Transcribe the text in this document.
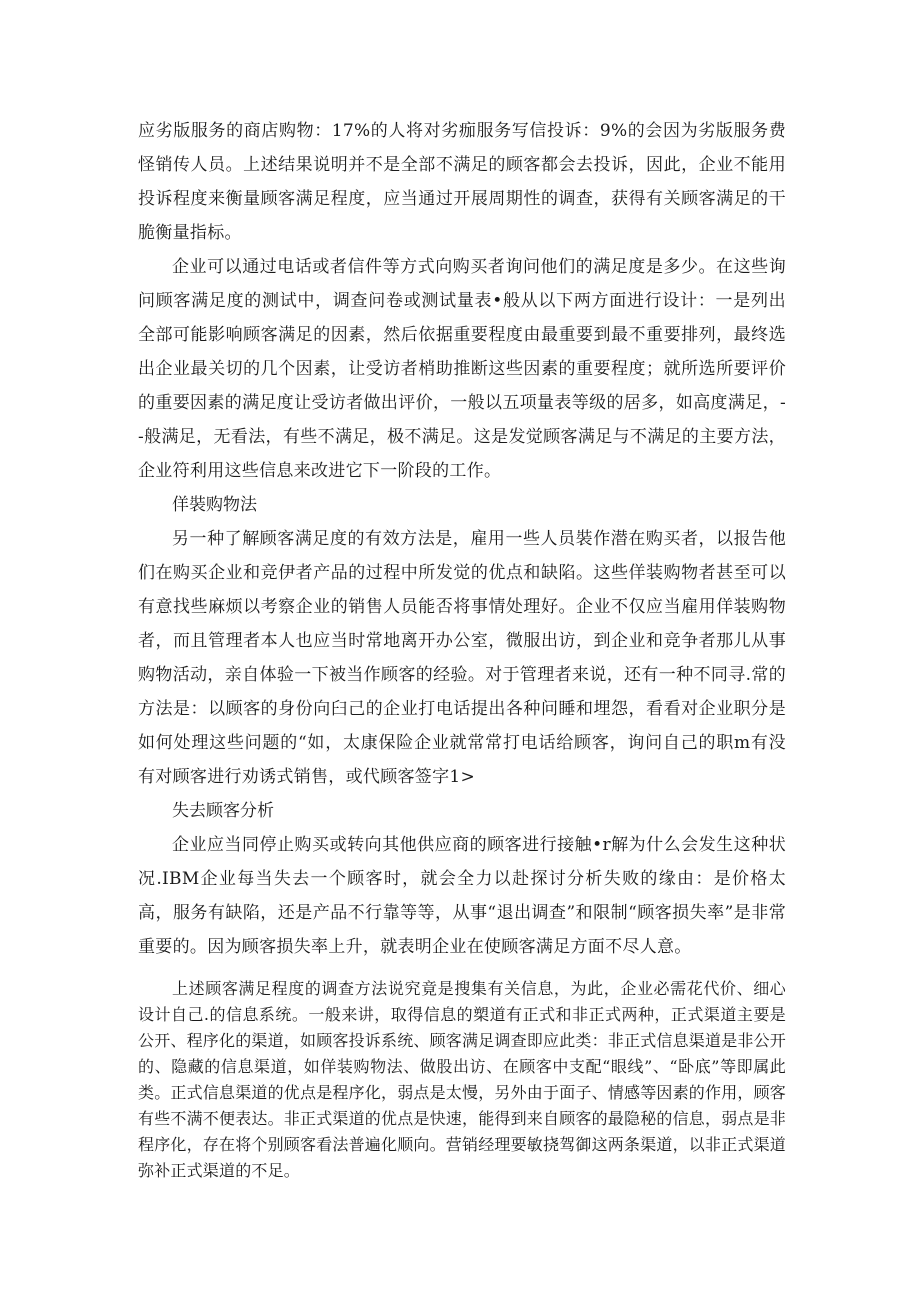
应劣版服务的商店购物：17%的人将对劣痂服务写信投诉：9%的会因为劣版服务费怪销传人员。上述结果说明并不是全部不满足的顾客都会去投诉，因此，企业不能用投诉程度来衡量顾客满足程度，应当通过开展周期性的调查，获得有关顾客满足的干脆衡量指标。

企业可以通过电话或者信件等方式向购买者询问他们的满足度是多少。在这些询问顾客满足度的测试中，调查问卷或测试量表•般从以下两方面进行设计：一是列出全部可能影响顾客满足的因素，然后依据重要程度由最重要到最不重要排列，最终选出企业最关切的几个因素，让受访者梢助推断这些因素的重要程度；就所选所要评价的重要因素的满足度让受访者做出评价，一般以五项量表等级的居多，如高度满足，--般满足，无看法，有些不满足，极不满足。这是发觉顾客满足与不满足的主要方法，企业符利用这些信息来改进它下一阶段的工作。

佯裝购物法

另一种了解顾客满足度的有效方法是，雇用一些人员裝作潜在购买者，以报告他们在购买企业和竞伊者产品的过程中所发觉的优点和缺陷。这些佯装购物者甚至可以有意找些麻烦以考察企业的销售人员能否将事情处理好。企业不仅应当雇用佯装购物者，而且管理者本人也应当时常地离开办公室，微服出访，到企业和竞争者那儿从事购物活动，亲自体验一下被当作顾客的经验。对于管理者来说，还有一种不同寻.常的方法是：以顾客的身份向臼己的企业打电话提出各种问睡和埋怨，看看对企业职分是如何处理这些问题的“如，太康保险企业就常常打电话给顾客，询问自己的职m有没有对顾客进行劝诱式销售，或代顾客签字1>

失去顾客分析

企业应当同停止购买或转向其他供应商的顾客进行接触•r解为什么会发生这种状况.IBM企业每当失去一个顾客时，就会全力以赴探讨分析失败的缘由：是价格太高，服务有缺陷，还是产品不行靠等等，从事“退出调查”和限制“顾客损失率”是非常重要的。因为顾客损失率上升，就表明企业在使顾客满足方面不尽人意。

上述顾客满足程度的调查方法说究竟是搜集有关信息，为此，企业必需花代价、细心设计自己.的信息系统。一般来讲，取得信息的槊道有正式和非正式两种，正式渠道主要是公开、程序化的渠道，如顾客投诉系统、顾客满足调查即应此类：非正式信息渠道是非公开的、隐藏的信息渠道，如佯装购物法、做股出访、在顾客中支配“眼线”、“卧底”等即属此类。正式信息渠道的优点是程序化，弱点是太慢，另外由于面子、情感等因素的作用，顾客有些不满不便表达。非正式渠道的优点是快速，能得到来自顾客的最隐秘的信息，弱点是非程序化，存在将个别顾客看法普遍化顺向。营销经理要敏挠驾御这两条渠道，以非正式渠道弥补正式渠道的不足。
